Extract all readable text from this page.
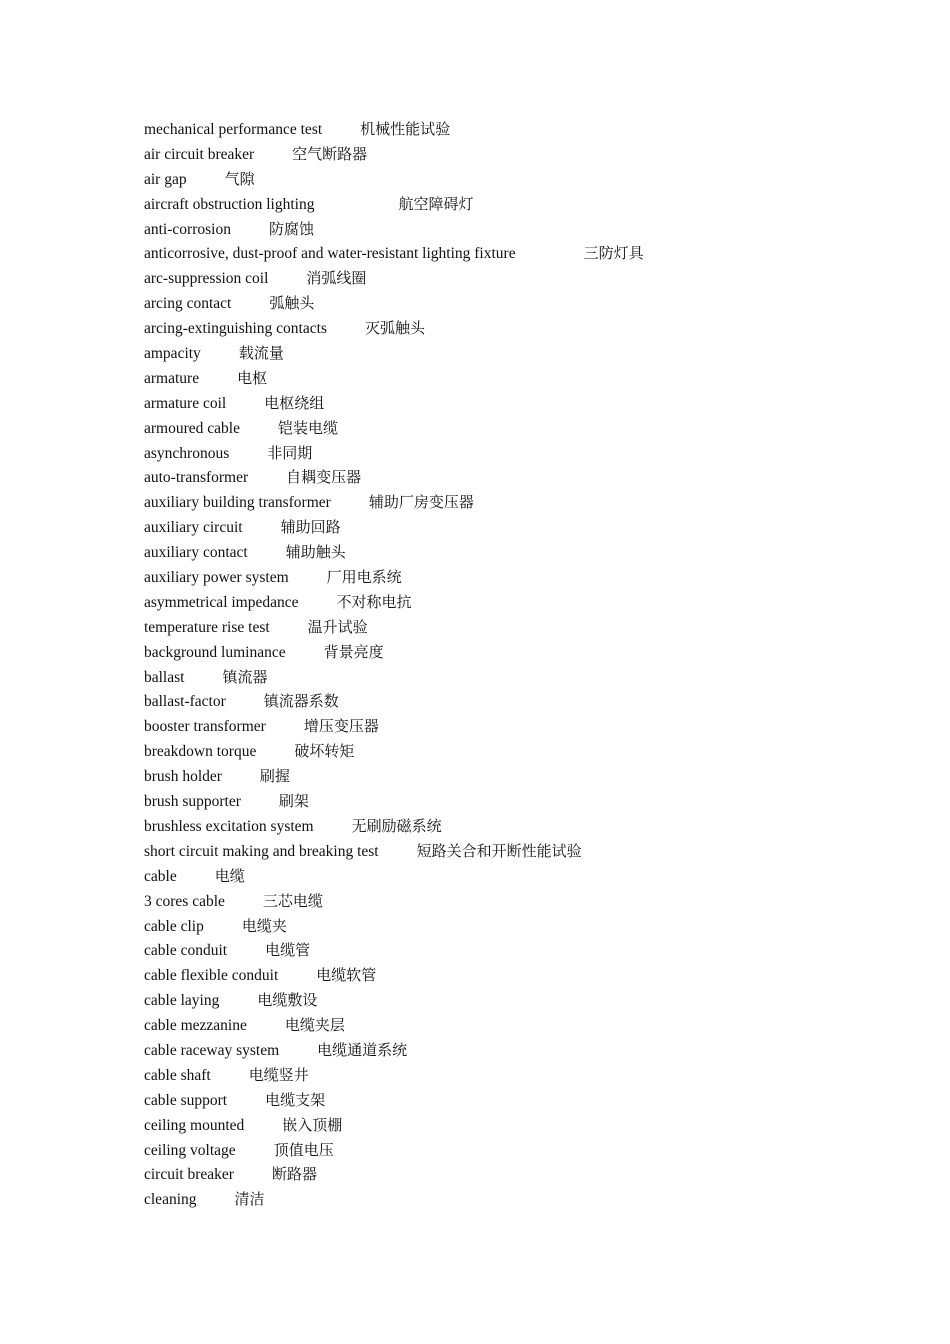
mechanical performance test	机械性能试验
air circuit breaker	空气断路器
air gap	气隙
aircraft obstruction lighting	航空障碍灯
anti-corrosion	防腐蚀
anticorrosive, dust-proof and water-resistant lighting fixture	三防灯具
arc-suppression coil	消弧线圈
arcing contact	弧触头
arcing-extinguishing contacts	灭弧触头
ampacity	载流量
armature	电枢
armature coil	电枢绕组
armoured cable	铠装电缆
asynchronous	非同期
auto-transformer	自耦变压器
auxiliary building transformer	辅助厂房变压器
auxiliary circuit	辅助回路
auxiliary contact	辅助触头
auxiliary power system	厂用电系统
asymmetrical impedance	不对称电抗
temperature rise test	温升试验
background luminance	背景亮度
ballast	镇流器
ballast-factor	镇流器系数
booster transformer	增压变压器
breakdown torque	破坏转矩
brush holder	刷握
brush supporter	刷架
brushless excitation system	无刷励磁系统
short circuit making and breaking test	短路关合和开断性能试验
cable	电缆
3 cores cable	三芯电缆
cable clip	电缆夹
cable conduit	电缆管
cable flexible conduit	电缆软管
cable laying	电缆敷设
cable mezzanine	电缆夹层
cable raceway system	电缆通道系统
cable shaft	电缆竖井
cable support	电缆支架
ceiling mounted	嵌入顶棚
ceiling voltage	顶值电压
circuit breaker	断路器
cleaning	清洁
